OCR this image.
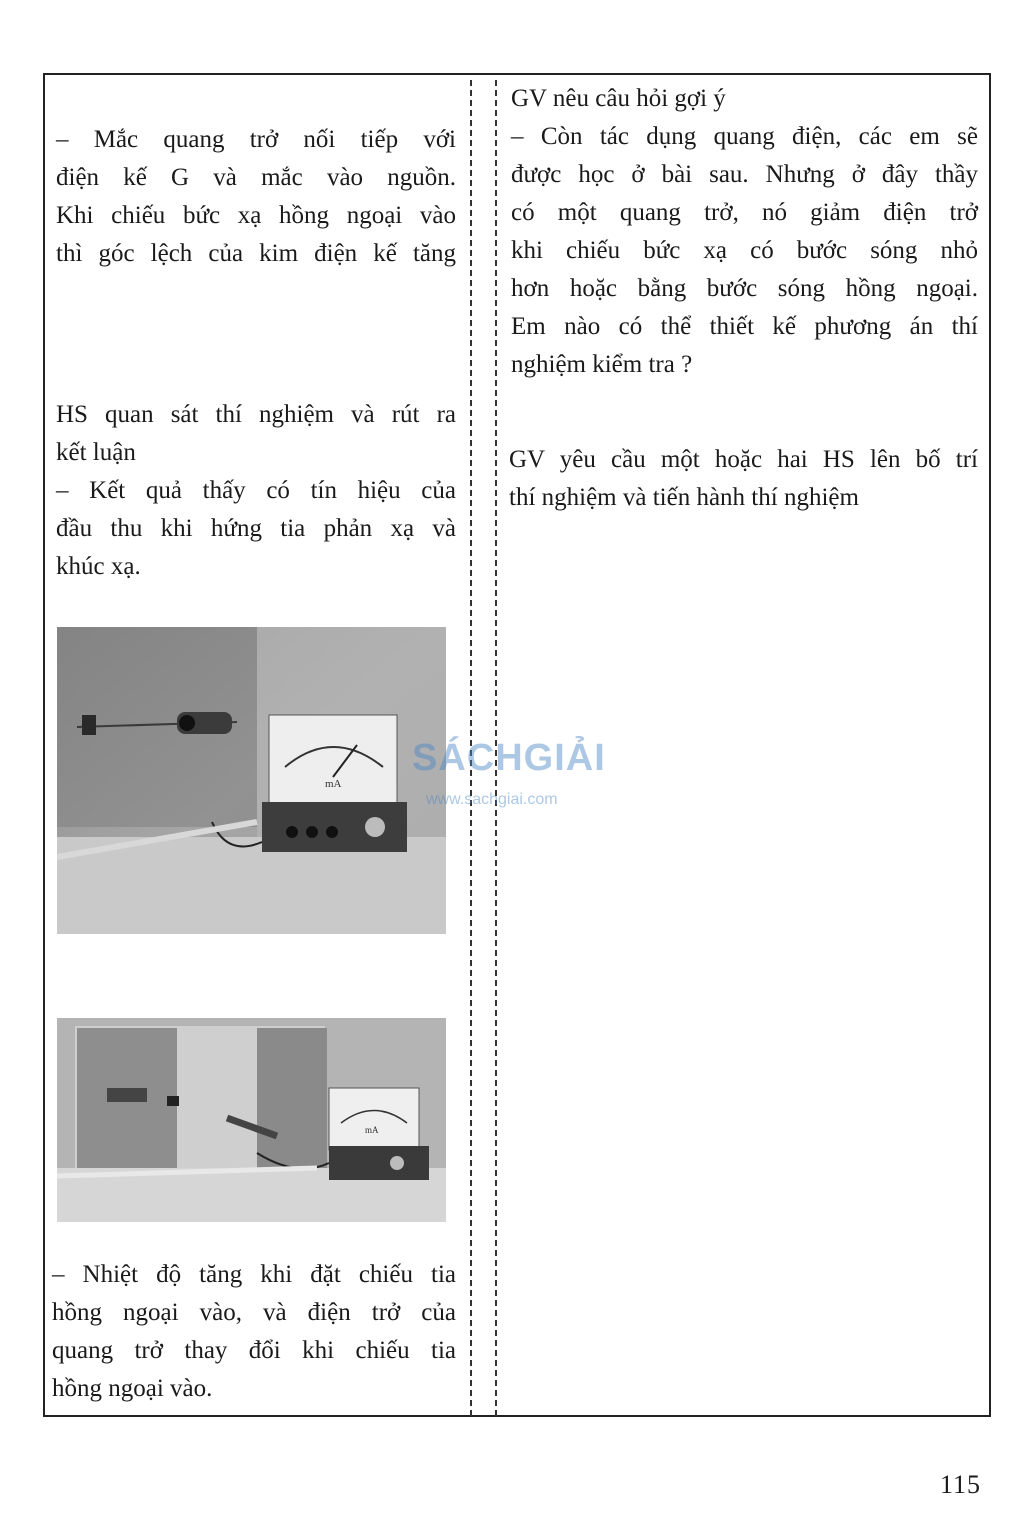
– Mắc quang trở nối tiếp với

điện kế G và mắc vào nguồn.

Khi chiếu bức xạ hồng ngoại vào

thì góc lệch của kim điện kế tăng

HS quan sát thí nghiệm và rút ra

kết luận

– Kết quả thấy có tín hiệu của

đầu thu khi hứng tia phản xạ và

khúc xạ.

mA
mA

– Nhiệt độ tăng khi đặt chiếu tia

hồng ngoại vào, và điện trở của

quang trở thay đổi khi chiếu tia

hồng ngoại vào.

GV nêu câu hỏi gợi ý

– Còn tác dụng quang điện, các em sẽ

được học ở bài sau. Nhưng ở đây thầy

có một quang trở, nó giảm điện trở

khi chiếu bức xạ có bước sóng nhỏ

hơn hoặc bằng bước sóng hồng ngoại.

Em nào có thể thiết kế phương án thí

nghiệm kiểm tra ?

GV yêu cầu một hoặc hai HS lên bố trí

thí nghiệm và tiến hành thí nghiệm

SÁCHGIẢI
www.sachgiai.com
115
